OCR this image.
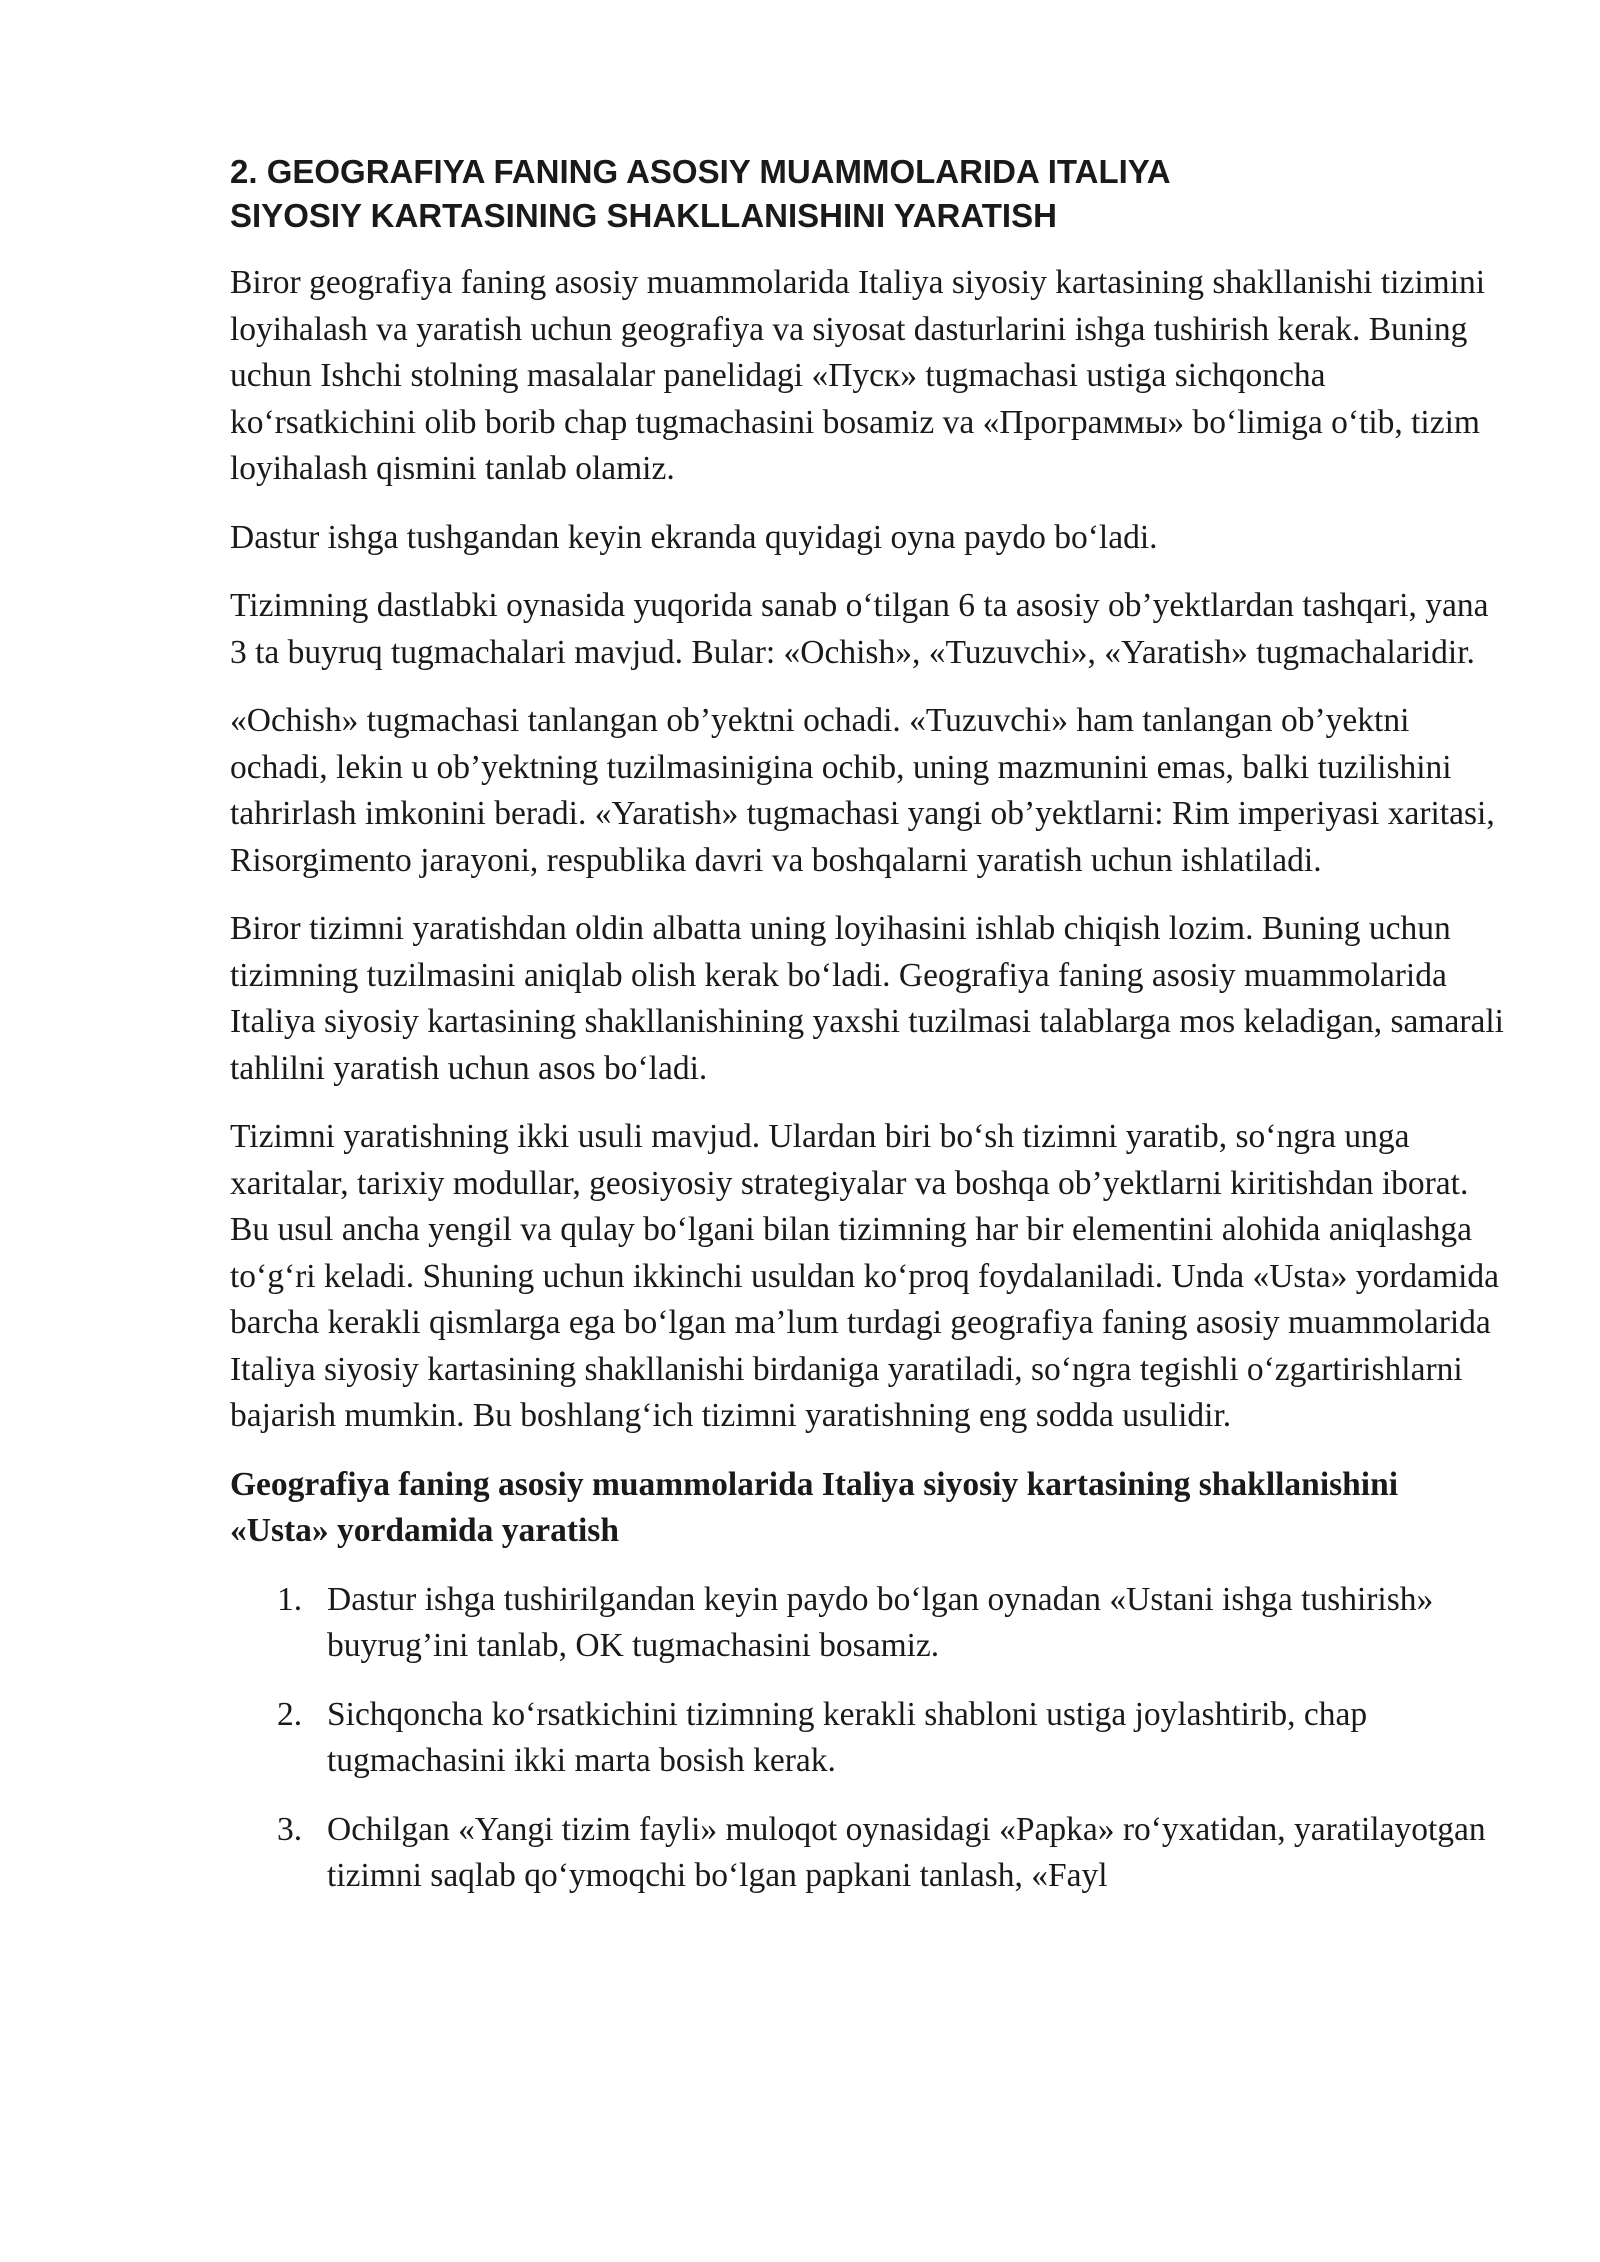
2. GEOGRAFIYA FANING ASOSIY MUAMMOLARIDA ITALIYA
SIYOSIY KARTASINING SHAKLLANISHINI YARATISH

Biror geografiya faning asosiy muammolarida Italiya siyosiy kartasining shakllanishi tizimini loyihalash va yaratish uchun geografiya va siyosat dasturlarini ishga tushirish kerak. Buning uchun Ishchi stolning masalalar panelidagi «Пуск» tugmachasi ustiga sichqoncha koʻrsatkichini olib borib chap tugmachasini bosamiz va «Программы» boʻlimiga oʻtib, tizim loyihalash qismini tanlab olamiz.

Dastur ishga tushgandan keyin ekranda quyidagi oyna paydo boʻladi.

Tizimning dastlabki oynasida yuqorida sanab oʻtilgan 6 ta asosiy ob’yektlardan tashqari, yana 3 ta buyruq tugmachalari mavjud. Bular: «Ochish», «Tuzuvchi», «Yaratish» tugmachalaridir.

«Ochish» tugmachasi tanlangan ob’yektni ochadi. «Tuzuvchi» ham tanlangan ob’yektni ochadi, lekin u ob’yektning tuzilmasinigina ochib, uning mazmunini emas, balki tuzilishini tahrirlash imkonini beradi. «Yaratish» tugmachasi yangi ob’yektlarni: Rim imperiyasi xaritasi, Risorgimento jarayoni, respublika davri va boshqalarni yaratish uchun ishlatiladi.

Biror tizimni yaratishdan oldin albatta uning loyihasini ishlab chiqish lozim. Buning uchun tizimning tuzilmasini aniqlab olish kerak boʻladi. Geografiya faning asosiy muammolarida Italiya siyosiy kartasining shakllanishining yaxshi tuzilmasi talablarga mos keladigan, samarali tahlilni yaratish uchun asos boʻladi.

Tizimni yaratishning ikki usuli mavjud. Ulardan biri boʻsh tizimni yaratib, soʻngra unga xaritalar, tarixiy modullar, geosiyosiy strategiyalar va boshqa ob’yektlarni kiritishdan iborat. Bu usul ancha yengil va qulay boʻlgani bilan tizimning har bir elementini alohida aniqlashga toʻgʻri keladi. Shuning uchun ikkinchi usuldan koʻproq foydalaniladi. Unda «Usta» yordamida barcha kerakli qismlarga ega boʻlgan ma’lum turdagi geografiya faning asosiy muammolarida Italiya siyosiy kartasining shakllanishi birdaniga yaratiladi, soʻngra tegishli oʻzgartirishlarni bajarish mumkin. Bu boshlangʻich tizimni yaratishning eng sodda usulidir.

Geografiya faning asosiy muammolarida Italiya siyosiy kartasining shakllanishini «Usta» yordamida yaratish

1. Dastur ishga tushirilgandan keyin paydo boʻlgan oynadan «Ustani ishga tushirish» buyrug’ini tanlab, OK tugmachasini bosamiz.
2. Sichqoncha koʻrsatkichini tizimning kerakli shabloni ustiga joylashtirib, chap tugmachasini ikki marta bosish kerak.
3. Ochilgan «Yangi tizim fayli» muloqot oynasidagi «Papka» roʻyxatidan, yaratilayotgan tizimni saqlab qoʻymoqchi boʻlgan papkani tanlash, «Fayl
